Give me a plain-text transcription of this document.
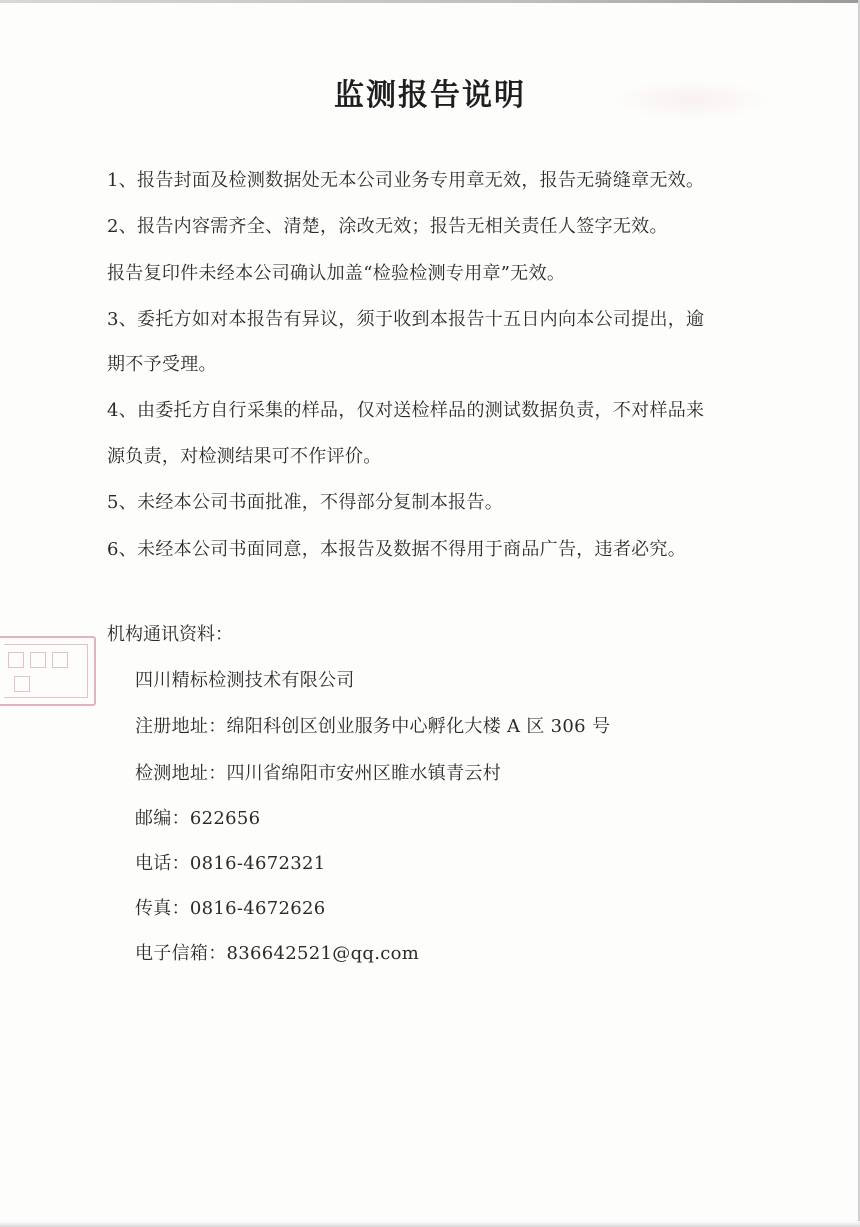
监测报告说明
1、报告封面及检测数据处无本公司业务专用章无效，报告无骑缝章无效。
2、报告内容需齐全、清楚，涂改无效；报告无相关责任人签字无效。
报告复印件未经本公司确认加盖“检验检测专用章”无效。
3、委托方如对本报告有异议，须于收到本报告十五日内向本公司提出，逾
期不予受理。
4、由委托方自行采集的样品，仅对送检样品的测试数据负责，不对样品来
源负责，对检测结果可不作评价。
5、未经本公司书面批准，不得部分复制本报告。
6、未经本公司书面同意，本报告及数据不得用于商品广告，违者必究。
机构通讯资料：
四川精标检测技术有限公司
注册地址：绵阳科创区创业服务中心孵化大楼 A 区 306 号
检测地址：四川省绵阳市安州区睢水镇青云村
邮编：622656
电话：0816-4672321
传真：0816-4672626
电子信箱：836642521@qq.com
